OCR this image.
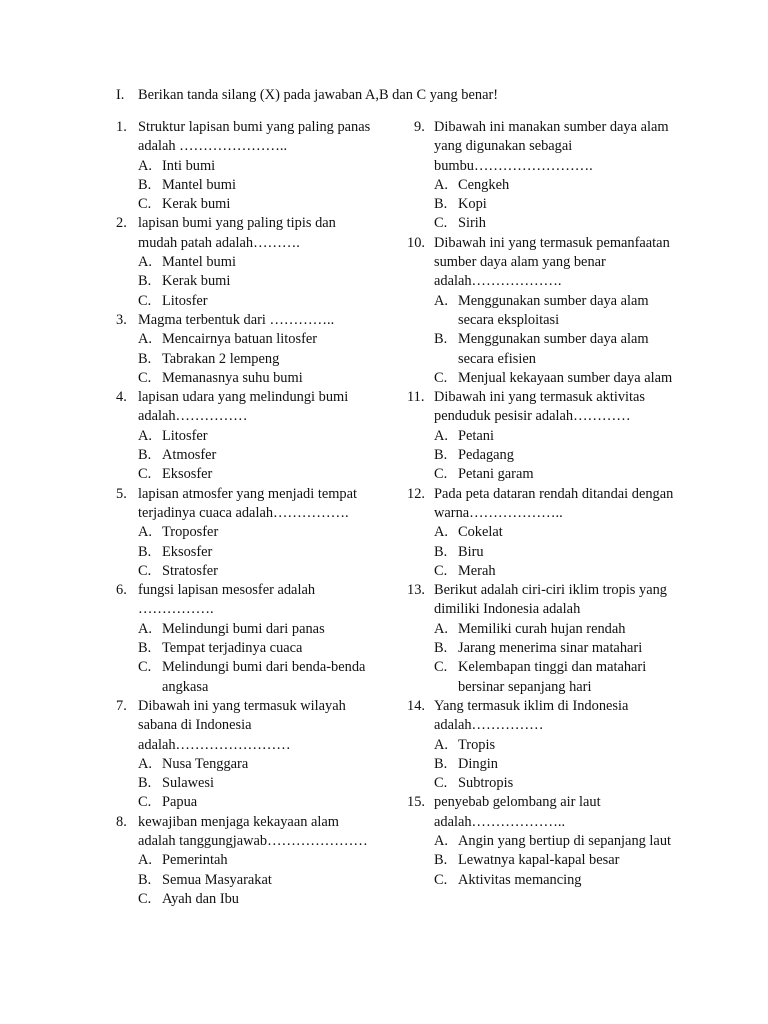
I. Berikan tanda silang (X) pada jawaban A,B dan C yang benar!
1. Struktur lapisan bumi yang paling panas adalah …………………..
A. Inti bumi
B. Mantel bumi
C. Kerak bumi
2. lapisan bumi yang paling tipis dan mudah patah adalah……….
A. Mantel bumi
B. Kerak bumi
C. Litosfer
3. Magma terbentuk dari …………..
A. Mencairnya batuan litosfer
B. Tabrakan 2 lempeng
C. Memanasnya suhu bumi
4. lapisan udara yang melindungi bumi adalah……………
A. Litosfer
B. Atmosfer
C. Eksosfer
5. lapisan atmosfer yang menjadi tempat terjadinya cuaca adalah…………….
A. Troposfer
B. Eksosfer
C. Stratosfer
6. fungsi lapisan mesosfer adalah …………….
A. Melindungi bumi dari panas
B. Tempat terjadinya cuaca
C. Melindungi bumi dari benda-benda angkasa
7. Dibawah ini yang termasuk wilayah sabana di Indonesia adalah……………………
A. Nusa Tenggara
B. Sulawesi
C. Papua
8. kewajiban menjaga kekayaan alam adalah tanggungjawab…………………
A. Pemerintah
B. Semua Masyarakat
C. Ayah dan Ibu
9. Dibawah ini manakan sumber daya alam yang digunakan sebagai bumbu…………………….
A. Cengkeh
B. Kopi
C. Sirih
10. Dibawah ini yang termasuk pemanfaatan sumber daya alam yang benar adalah……………….
A. Menggunakan sumber daya alam secara eksploitasi
B. Menggunakan sumber daya alam secara efisien
C. Menjual kekayaan sumber daya alam
11. Dibawah ini yang termasuk aktivitas penduduk pesisir adalah…………
A. Petani
B. Pedagang
C. Petani garam
12. Pada peta dataran rendah ditandai dengan warna………………..
A. Cokelat
B. Biru
C. Merah
13. Berikut adalah ciri-ciri iklim tropis yang dimiliki Indonesia adalah
A. Memiliki curah hujan rendah
B. Jarang menerima sinar matahari
C. Kelembapan tinggi dan matahari bersinar sepanjang hari
14. Yang termasuk iklim di Indonesia adalah……………
A. Tropis
B. Dingin
C. Subtropis
15. penyebab gelombang air laut adalah………………..
A. Angin yang bertiup di sepanjang laut
B. Lewatnya kapal-kapal besar
C. Aktivitas memancing
